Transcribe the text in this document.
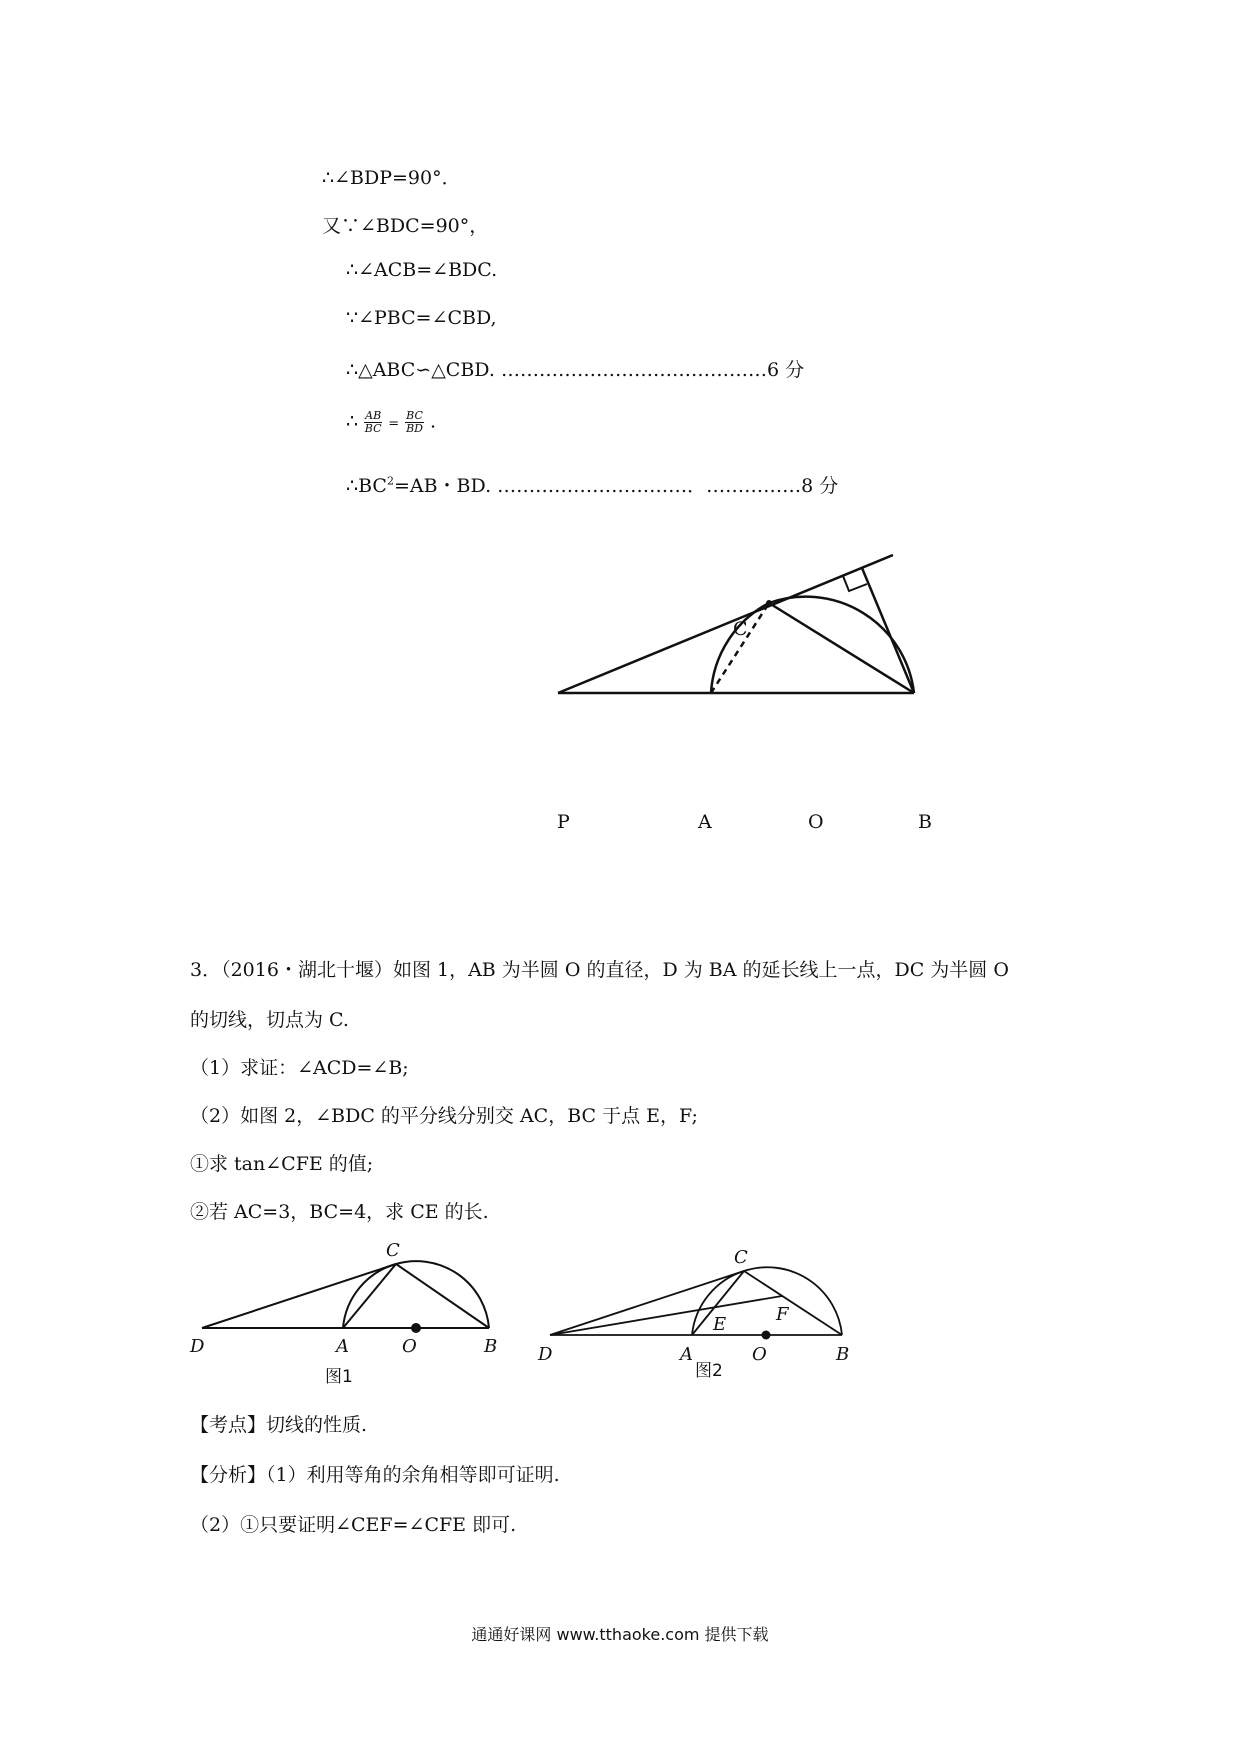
∴∠BDP=90°．
又∵∠BDC=90°，
∴∠ACB=∠BDC.
∵∠PBC=∠CBD,
∴△ABC∽△CBD. ……………………………………6 分
∴ $\frac{AB}{BC} = \frac{BC}{BD}$ .
$\therefore BC^2=AB$・BD. …………………………．……………8 分
C
P	A	O	B
3．（2016・湖北十堰）如图 1，AB 为半圆 O 的直径，D 为 BA 的延长线上一点，DC 为半圆 O
的切线，切点为 C.
（1）求证：∠ACD=∠B;
（2）如图 2，∠BDC 的平分线分别交 AC，BC 于点 E，F;
①求 tan∠CFE 的值;
②若 AC=3，BC=4，求 CE 的长.
C
D	A	O	B
图1
C
D	A
E	F
O	B
图2
【考点】切线的性质.
【分析】（1）利用等角的余角相等即可证明.
（2）①只要证明∠CEF=∠CFE 即可.
通通好课网 www.tthaoke.com 提供下载
